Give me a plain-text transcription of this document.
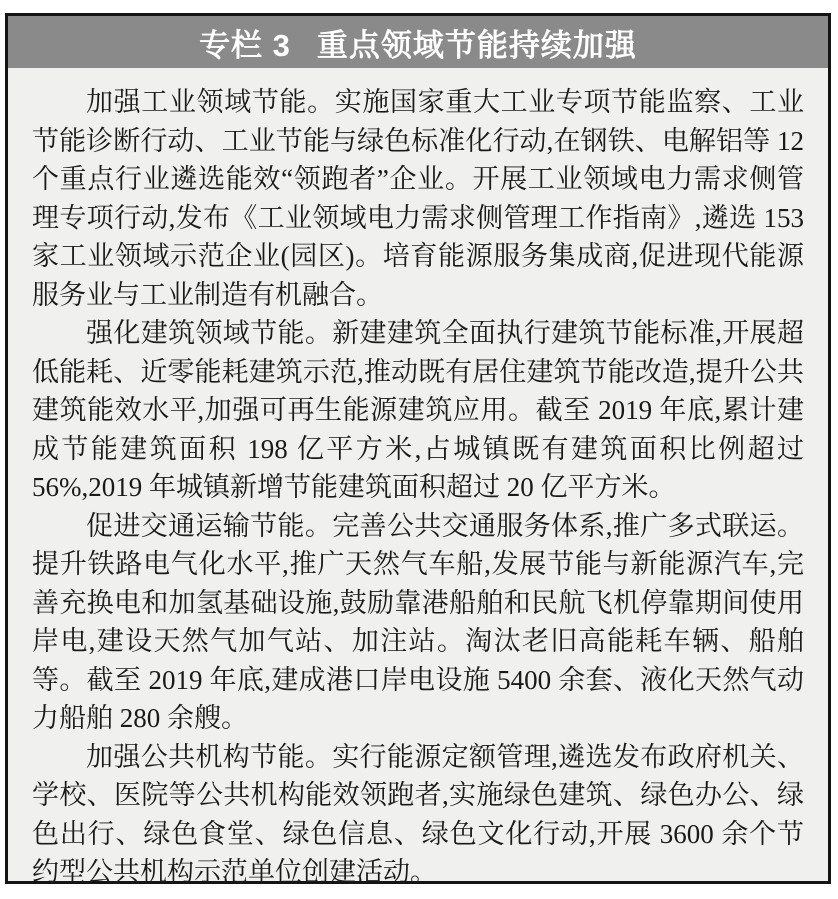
专栏 3 重点领域节能持续加强

加强工业领域节能。实施国家重大工业专项节能监察、工业节能诊断行动、工业节能与绿色标准化行动,在钢铁、电解铝等 12 个重点行业遴选能效“领跑者”企业。开展工业领域电力需求侧管理专项行动,发布《工业领域电力需求侧管理工作指南》,遴选 153 家工业领域示范企业(园区)。培育能源服务集成商,促进现代能源服务业与工业制造有机融合。

强化建筑领域节能。新建建筑全面执行建筑节能标准,开展超低能耗、近零能耗建筑示范,推动既有居住建筑节能改造,提升公共建筑能效水平,加强可再生能源建筑应用。截至 2019 年底,累计建成节能建筑面积 198 亿平方米,占城镇既有建筑面积比例超过 56%,2019 年城镇新增节能建筑面积超过 20 亿平方米。

促进交通运输节能。完善公共交通服务体系,推广多式联运。提升铁路电气化水平,推广天然气车船,发展节能与新能源汽车,完善充换电和加氢基础设施,鼓励靠港船舶和民航飞机停靠期间使用岸电,建设天然气加气站、加注站。淘汰老旧高能耗车辆、船舶等。截至 2019 年底,建成港口岸电设施 5400 余套、液化天然气动力船舶 280 余艘。

加强公共机构节能。实行能源定额管理,遴选发布政府机关、学校、医院等公共机构能效领跑者,实施绿色建筑、绿色办公、绿色出行、绿色食堂、绿色信息、绿色文化行动,开展 3600 余个节约型公共机构示范单位创建活动。
